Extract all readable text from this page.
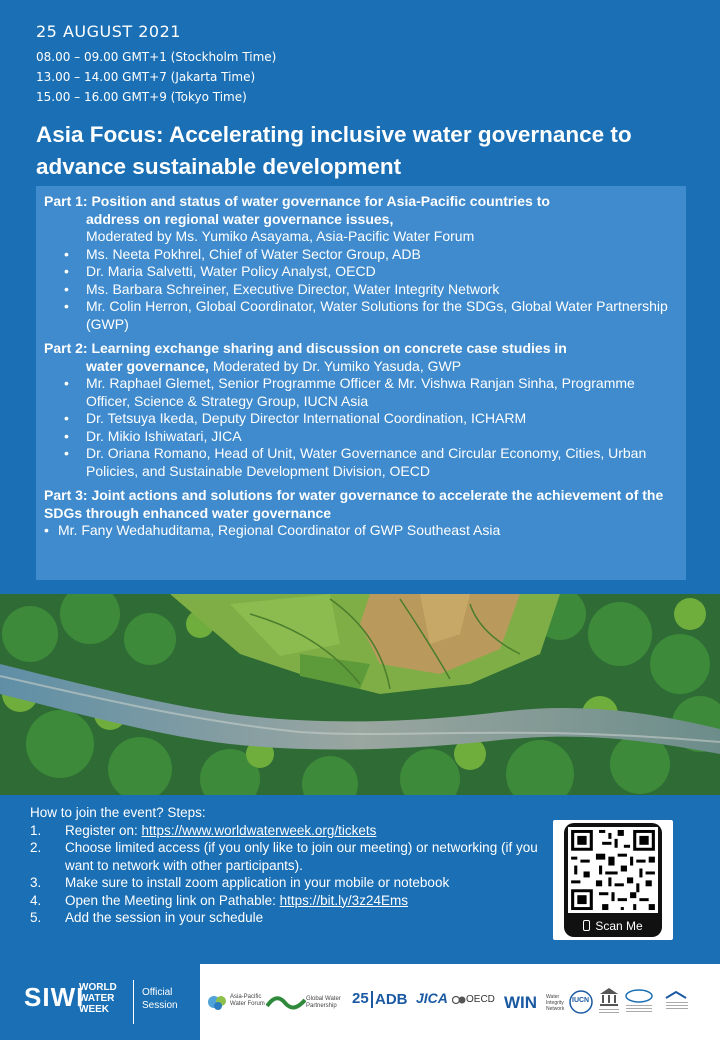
25 AUGUST 2021
08.00 – 09.00 GMT+1 (Stockholm Time)
13.00 – 14.00 GMT+7 (Jakarta Time)
15.00 – 16.00 GMT+9 (Tokyo Time)
Asia Focus: Accelerating inclusive water governance to advance sustainable development
Part 1: Position and status of water governance for Asia-Pacific countries to
address on regional water governance issues,
Moderated by Ms. Yumiko Asayama, Asia-Pacific Water Forum
• Ms. Neeta Pokhrel, Chief of Water Sector Group, ADB
• Dr. Maria Salvetti, Water Policy Analyst, OECD
• Ms. Barbara Schreiner, Executive Director, Water Integrity Network
• Mr. Colin Herron, Global Coordinator, Water Solutions for the SDGs, Global Water Partnership (GWP)
Part 2: Learning exchange sharing and discussion on concrete case studies in
water governance, Moderated by Dr. Yumiko Yasuda, GWP
• Mr. Raphael Glemet, Senior Programme Officer & Mr. Vishwa Ranjan Sinha, Programme Officer, Science & Strategy Group, IUCN Asia
• Dr. Tetsuya Ikeda, Deputy Director International Coordination, ICHARM
• Dr. Mikio Ishiwatari, JICA
• Dr. Oriana Romano, Head of Unit, Water Governance and Circular Economy, Cities, Urban Policies, and Sustainable Development Division, OECD
Part 3: Joint actions and solutions for water governance to accelerate the achievement of the SDGs through enhanced water governance
• Mr. Fany Wedahuditama, Regional Coordinator of GWP Southeast Asia
How to join the event? Steps:
1. Register on: https://www.worldwaterweek.org/tickets
2. Choose limited access (if you only like to join our meeting) or networking (if you want to network with other participants).
3. Make sure to install zoom application in your mobile or notebook
4. Open the Meeting link on Pathable: https://bit.ly/3z24Ems
5. Add the session in your schedule
Scan Me
SIWI
WORLD
WATER
WEEK
Official
Session
Asia-Pacific Water Forum
Global Water Partnership	25 ADB JICA OECD WIN Water Integrity Network
IUCN
